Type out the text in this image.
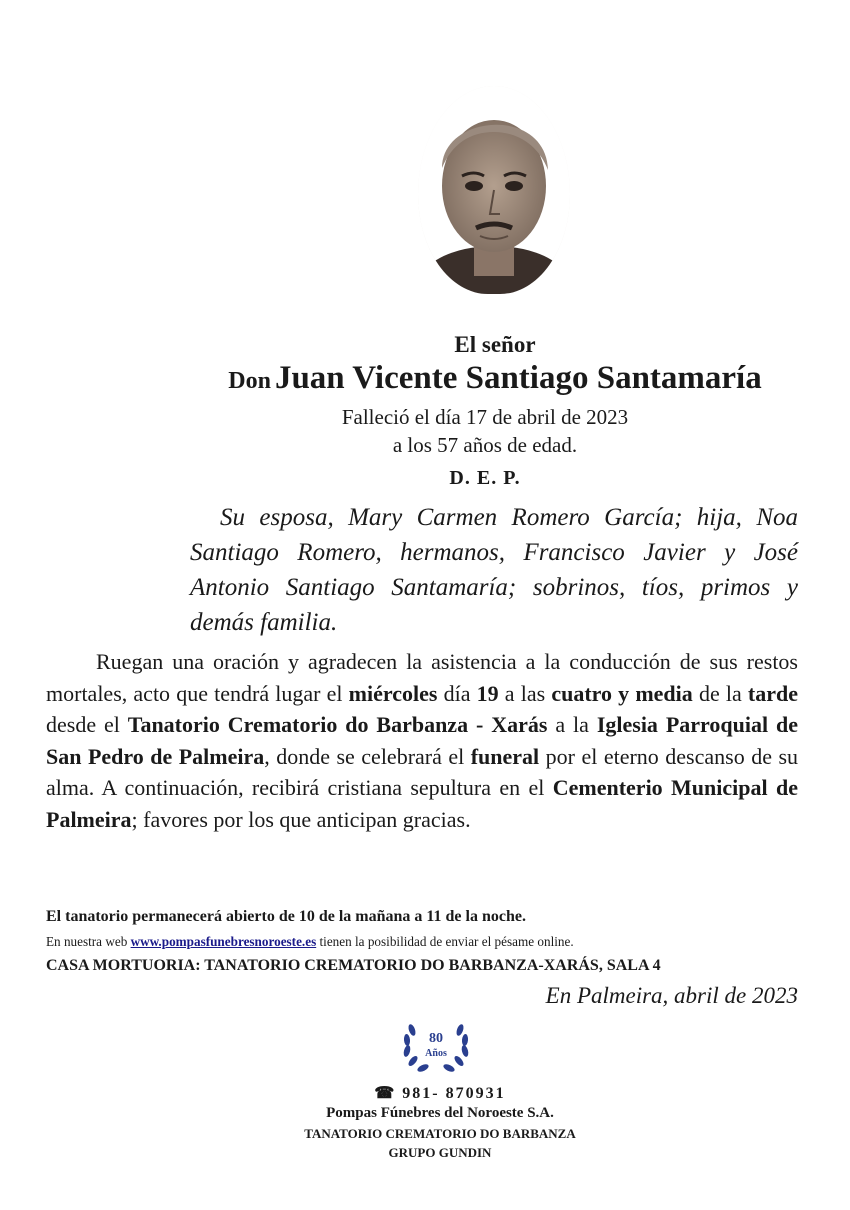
El señor
Don Juan Vicente Santiago Santamaría
Falleció el día 17 de abril de 2023
a los 57 años de edad.
D. E. P.
Su esposa, Mary Carmen Romero García; hija, Noa Santiago Romero, hermanos, Francisco Javier y José Antonio Santiago Santamaría; sobrinos, tíos, primos y demás familia.
Ruegan una oración y agradecen la asistencia a la conducción de sus restos mortales, acto que tendrá lugar el miércoles día 19 a las cuatro y media de la tarde desde el Tanatorio Crematorio do Barbanza - Xarás a la Iglesia Parroquial de San Pedro de Palmeira, donde se celebrará el funeral por el eterno descanso de su alma. A continuación, recibirá cristiana sepultura en el Cementerio Municipal de Palmeira; favores por los que anticipan gracias.
El tanatorio permanecerá abierto de 10 de la mañana a 11 de la noche.
En nuestra web www.pompasfunebresnoroeste.es tienen la posibilidad de enviar el pésame online.
CASA MORTUORIA: TANATORIO CREMATORIO DO BARBANZA-XARÁS, SALA 4
En Palmeira, abril de 2023
80
Años
☎ 981- 870931
Pompas Fúnebres del Noroeste S.A.
TANATORIO CREMATORIO DO BARBANZA
GRUPO GUNDIN
